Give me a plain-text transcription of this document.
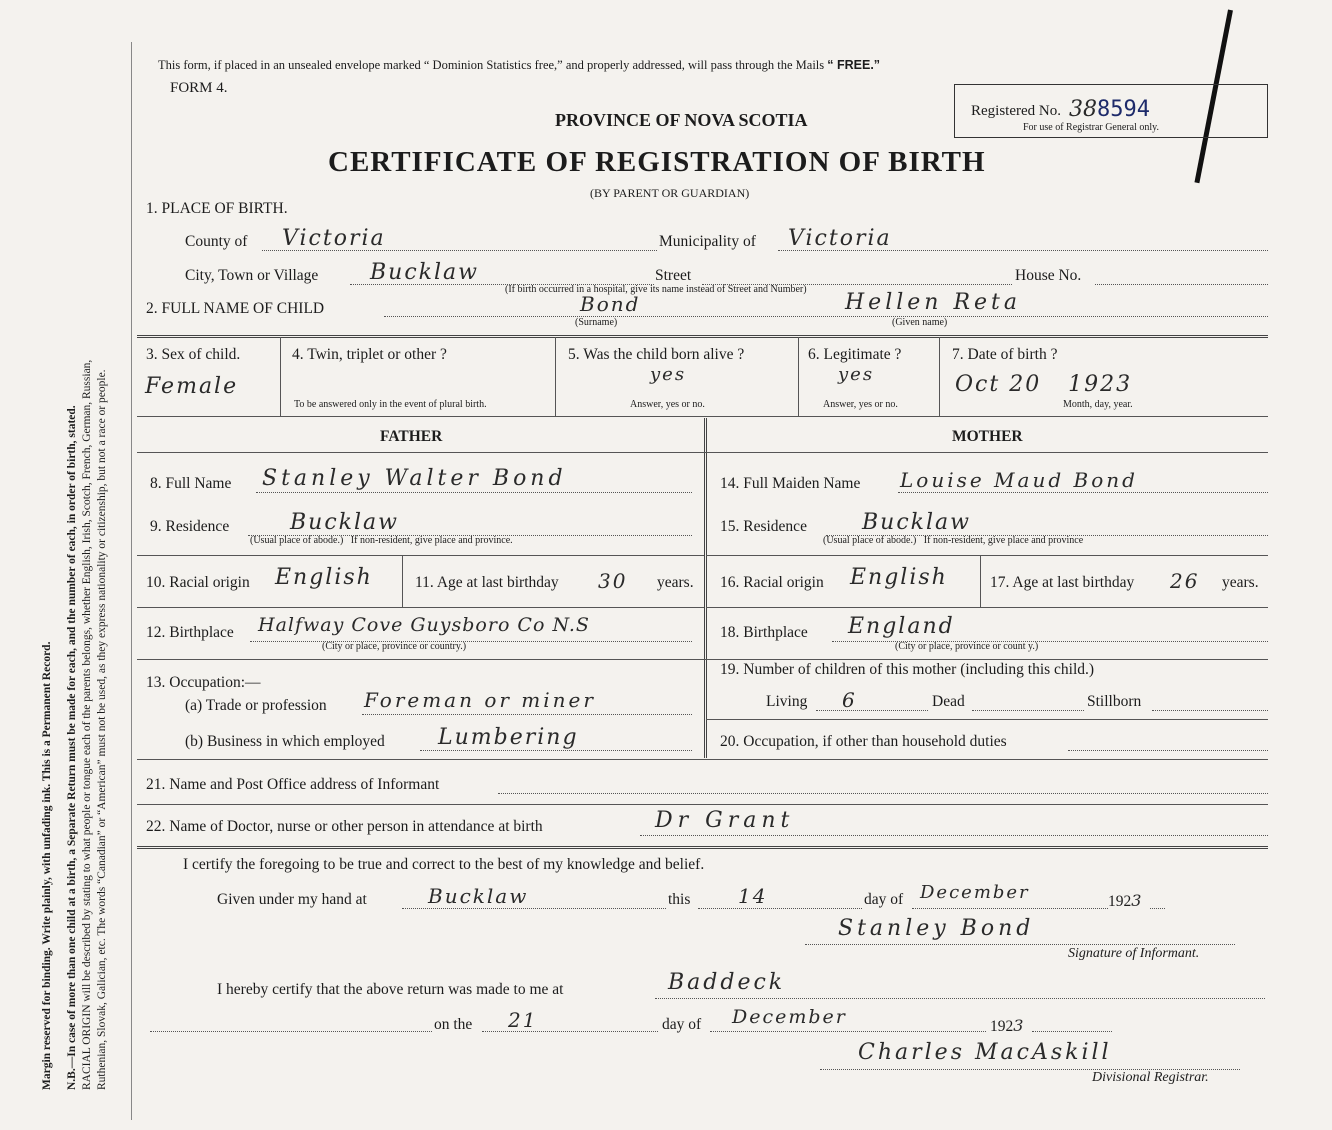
Margin reserved for binding. Write plainly, with unfading ink. This is a Permanent Record. N.B.—In case of more than one child at a birth, a Separate Return must be made for each, and the number of each, in order of birth, stated. RACIAL ORIGIN will be described by stating to what people or tongue each of the parents belongs, whether English, Irish, Scotch, French, German, Russian, Ruthenian, Slovak, Galician, etc. The words “Canadian” or “American” must not be used, as they express nationality or citizenship, but not a race or people.
This form, if placed in an unsealed envelope marked “ Dominion Statistics free,” and properly addressed, will pass through the Mails “ FREE.”
FORM 4.
PROVINCE OF NOVA SCOTIA
CERTIFICATE OF REGISTRATION OF BIRTH
(BY PARENT OR GUARDIAN)
Registered No. 388594
For use of Registrar General only.
1. PLACE OF BIRTH.
County of Victoria	Municipality of Victoria
City, Town or Village Bucklaw	Street	House No.
(If birth occurred in a hospital, give its name instead of Street and Number)
2. FULL NAME OF CHILD	Bond	Hellen Reta
(Surname)	(Given name)
3. Sex of child.
Female
4. Twin, triplet or other ?
To be answered only in the event of plural birth.
5. Was the child born alive ?
yes
Answer, yes or no.
6. Legitimate ?
yes
Answer, yes or no.
7. Date of birth ?
Oct 20   1923
Month, day, year.
FATHER	MOTHER
8. Full Name Stanley Walter Bond
9. Residence	Bucklaw
(Usual place of abode.)   If non-resident, give place and province.
10. Racial origin English	11. Age at last birthday 30 years.
12. Birthplace Halfway Cove Guysboro Co N.S
(City or place, province or country.)
13. Occupation:—
(a) Trade or profession Foreman or miner
(b) Business in which employed Lumbering
14. Full Maiden Name Louise Maud Bond
15. Residence	Bucklaw
(Usual place of abode.)   If non-resident, give place and province
16. Racial origin English	17. Age at last birthday 26 years.
18. Birthplace England
(City or place, province or count y.)
19. Number of children of this mother (including this child.)
Living 6	Dead	Stillborn
20. Occupation, if other than household duties
21. Name and Post Office address of Informant
22. Name of Doctor, nurse or other person in attendance at birth	Dr Grant
I certify the foregoing to be true and correct to the best of my knowledge and belief.
Given under my hand at	Bucklaw	this 14	day of December	1923
Stanley Bond
Signature of Informant.
I hereby certify that the above return was made to me at	Baddeck
on the 21	day of December	1923
Charles MacAskill
Divisional Registrar.
